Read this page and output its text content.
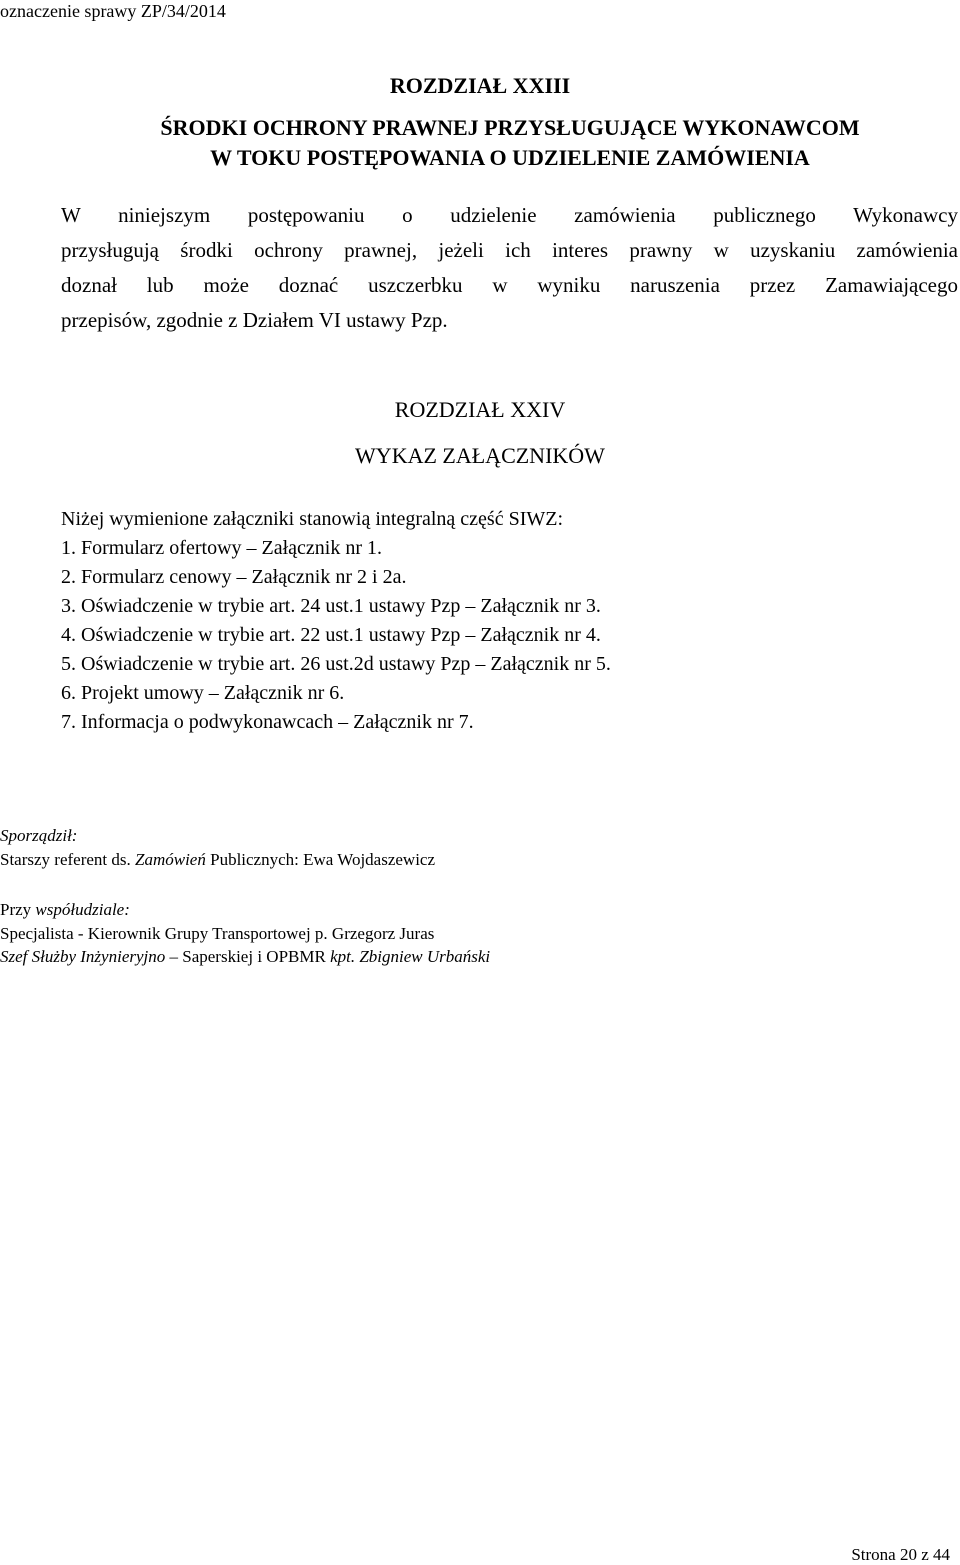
oznaczenie sprawy ZP/34/2014
ROZDZIAŁ XXIII
ŚRODKI OCHRONY PRAWNEJ PRZYSŁUGUJĄCE WYKONAWCOM
W TOKU POSTĘPOWANIA O UDZIELENIE ZAMÓWIENIA
W niniejszym postępowaniu o udzielenie zamówienia publicznego Wykonawcy
przysługują środki ochrony prawnej, jeżeli ich interes prawny w uzyskaniu zamówienia
doznał lub może doznać uszczerbku w wyniku naruszenia przez Zamawiającego
przepisów, zgodnie z Działem VI ustawy Pzp.
ROZDZIAŁ XXIV
WYKAZ ZAŁĄCZNIKÓW
Niżej wymienione załączniki stanowią integralną część SIWZ:
1. Formularz ofertowy – Załącznik nr 1.
2. Formularz cenowy – Załącznik nr 2 i 2a.
3. Oświadczenie w trybie art. 24 ust.1 ustawy Pzp – Załącznik nr 3.
4. Oświadczenie w trybie art. 22 ust.1 ustawy Pzp – Załącznik nr 4.
5. Oświadczenie w trybie art. 26 ust.2d ustawy Pzp – Załącznik nr 5.
6. Projekt umowy – Załącznik nr 6.
7. Informacja o podwykonawcach – Załącznik nr 7.
Sporządził:
Starszy referent ds. Zamówień Publicznych: Ewa Wojdaszewicz
Przy współudziale:
Specjalista - Kierownik Grupy Transportowej p. Grzegorz Juras
Szef Służby Inżynieryjno – Saperskiej i OPBMR kpt. Zbigniew Urbański
Strona 20 z 44
